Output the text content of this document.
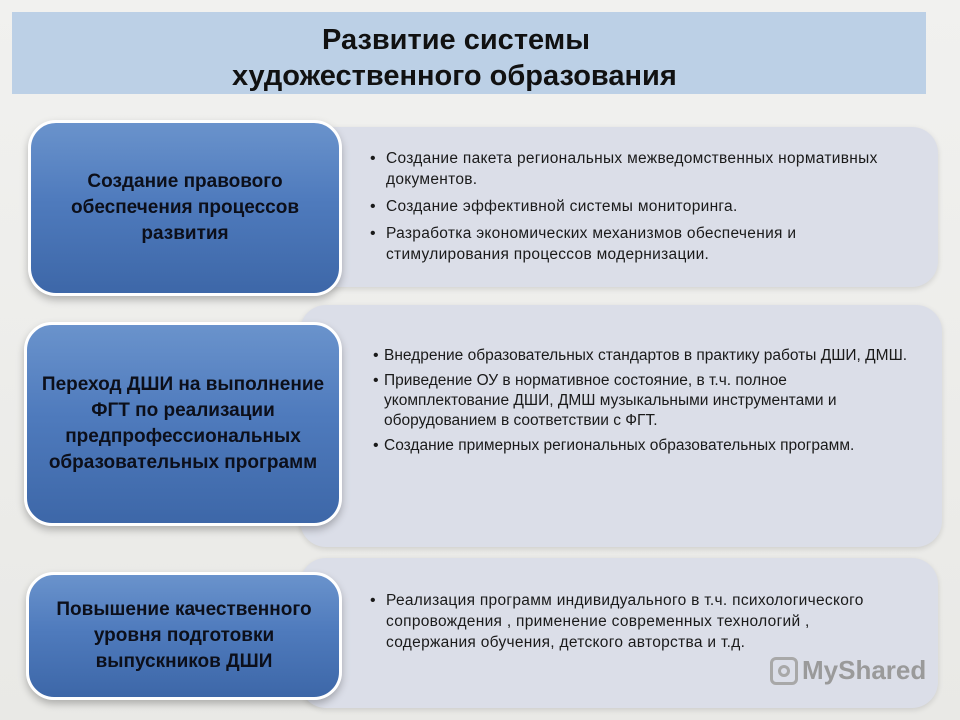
Развитие системы
художественного образования
• Создание пакета региональных межведомственных нормативных документов.
• Создание эффективной системы мониторинга.
• Разработка экономических механизмов обеспечения и стимулирования процессов модернизации.
Создание правового обеспечения процессов развития
• Внедрение образовательных стандартов в практику работы ДШИ, ДМШ.
• Приведение ОУ в нормативное состояние, в т.ч. полное укомплектование ДШИ, ДМШ музыкальными инструментами и оборудованием в соответствии с ФГТ.
• Создание примерных региональных образовательных программ.
Переход ДШИ на выполнение ФГТ по реализации предпрофессиональных образовательных программ
• Реализация программ индивидуального в т.ч. психологического сопровождения , применение современных технологий , содержания обучения, детского авторства и т.д.
Повышение качественного уровня подготовки выпускников ДШИ	MyShared
